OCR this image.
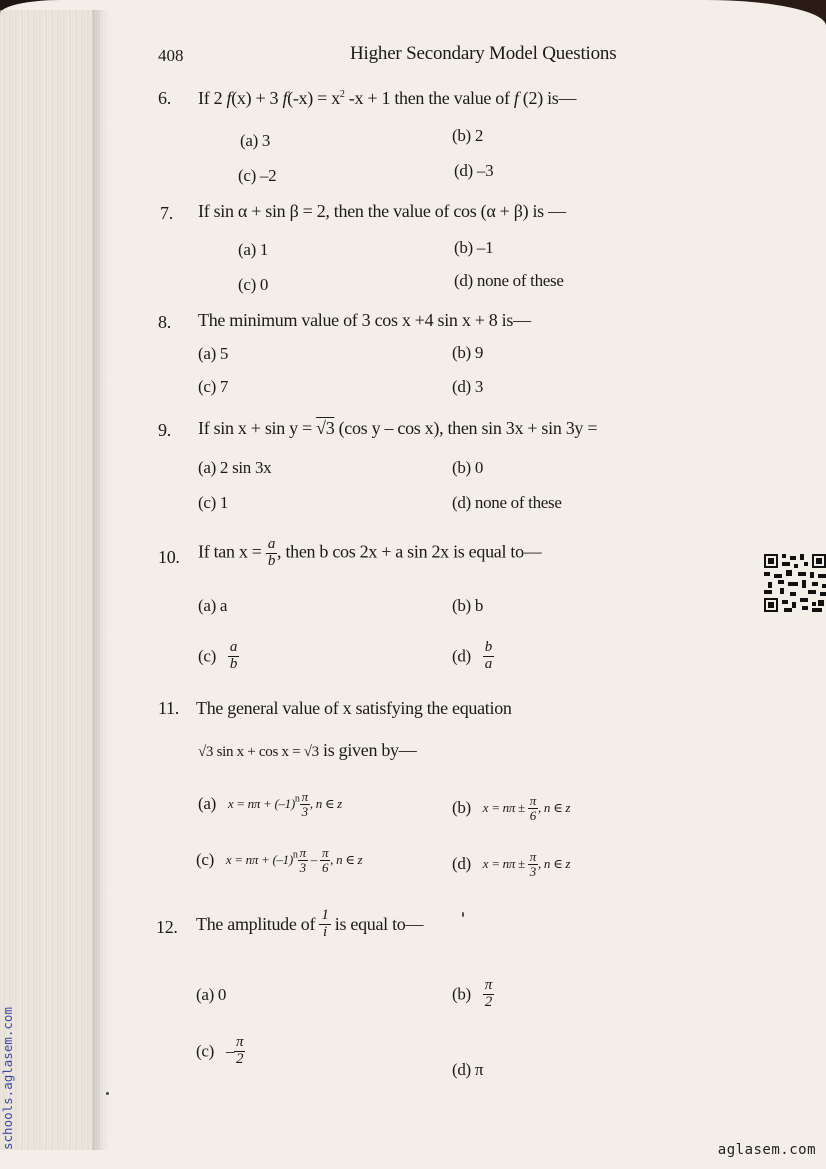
408	Higher Secondary Model Questions
6. If 2 f(x) + 3 $f(-x) = x^2$ -x + 1 then the value of f (2) is—
(a) 3	(b) 2
(c) –2	(d) –3
7. If sin α + sin β = 2, then the value of cos (α + β) is —
(a) 1	(b) –1
(c) 0	(d) none of these
8. The minimum value of 3 cos x +4 sin x + 8 is—
(a) 5	(b) 9
(c) 7	(d) 3
9. If sin x + sin y = √3 (cos y – cos x), then sin 3x + sin 3y =
(a) 2 sin 3x	(b) 0
(c) 1	(d) none of these
10. If $\tan x = \frac{a}{b}$ , then b cos 2x + a sin 2x is equal to—
(a) a	(b) b
$(c) \frac{a}{b}$	$(d) \frac{b}{a}$
11. The general value of x satisfying the equation
√3 sin x + cos x = √3 is given by—
(a) $x = n\pi + (-1)^n \frac{\pi}{3}$ , n ∈ z	(b) $x = n\pi \pm \frac{\pi}{6}$ , n ∈ z
(c) $x = n\pi + (-1)^n \frac{\pi}{3} - \frac{\pi}{6}$ , n ∈ z	(d) $x = n\pi \pm \frac{\pi}{3}$ , n ∈ z
12. The amplitude of $\frac{1}{i}$ is equal to—
(a) 0	$(b) \frac{\pi}{2}$
$(c) - \frac{\pi}{2}$
(d) π
schools.aglasem.com	aglasem.com
